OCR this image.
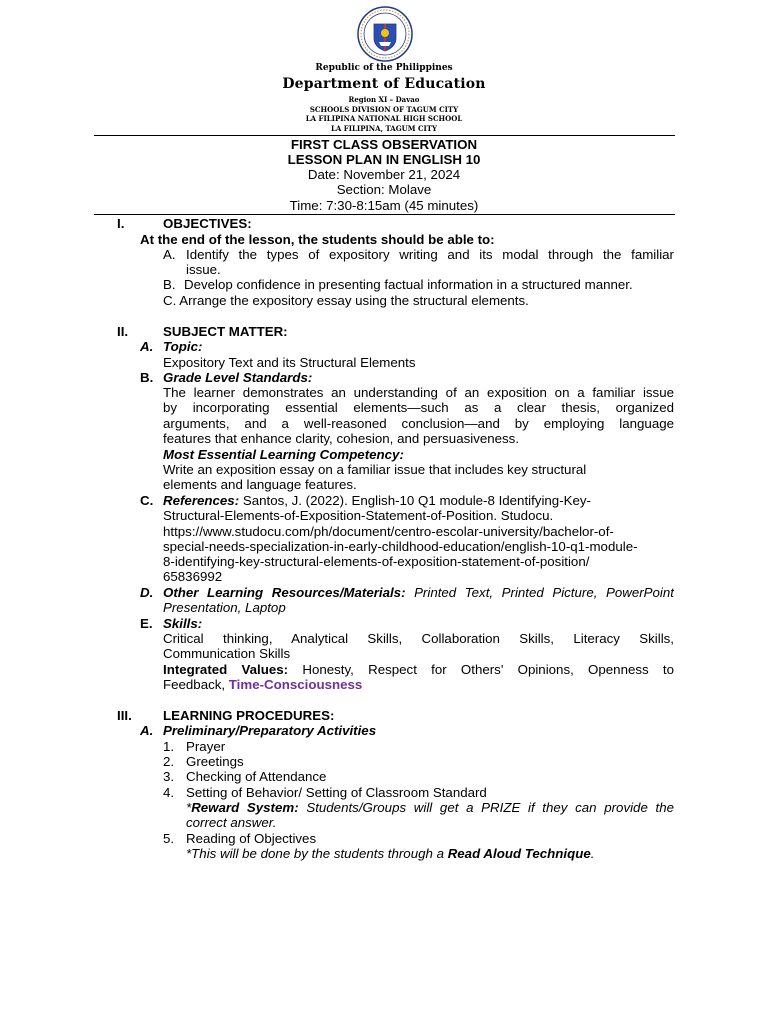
Republic of the Philippines
Department of Education
Region XI – Davao
SCHOOLS DIVISION OF TAGUM CITY
LA FILIPINA NATIONAL HIGH SCHOOL
LA FILIPINA, TAGUM CITY
FIRST CLASS OBSERVATION
LESSON PLAN IN ENGLISH 10
Date: November 21, 2024
Section: Molave
Time: 7:30-8:15am (45 minutes)
I.	OBJECTIVES:
At the end of the lesson, the students should be able to:
A. Identify the types of expository writing and its modal through the familiar
issue.
B. Develop confidence in presenting factual information in a structured manner.
C. Arrange the expository essay using the structural elements.
II.	SUBJECT MATTER:
A. Topic:
Expository Text and its Structural Elements
B. Grade Level Standards:
The learner demonstrates an understanding of an exposition on a familiar issue
by incorporating essential elements—such as a clear thesis, organized
arguments, and a well-reasoned conclusion—and by employing language
features that enhance clarity, cohesion, and persuasiveness.
Most Essential Learning Competency:
Write an exposition essay on a familiar issue that includes key structural
elements and language features.
C. References: Santos, J. (2022). English-10 Q1 module-8 Identifying-Key-
Structural-Elements-of-Exposition-Statement-of-Position. Studocu.
https://www.studocu.com/ph/document/centro-escolar-university/bachelor-of-
special-needs-specialization-in-early-childhood-education/english-10-q1-module-
8-identifying-key-structural-elements-of-exposition-statement-of-position/
65836992
D. Other Learning Resources/Materials: Printed Text, Printed Picture, PowerPoint
Presentation, Laptop
E. Skills:
Critical thinking, Analytical Skills, Collaboration Skills, Literacy Skills,
Communication Skills
Integrated Values: Honesty, Respect for Others' Opinions, Openness to
Feedback, Time-Consciousness
III. LEARNING PROCEDURES:
A. Preliminary/Preparatory Activities
1. Prayer
2. Greetings
3. Checking of Attendance
4. Setting of Behavior/ Setting of Classroom Standard
*Reward System: Students/Groups will get a PRIZE if they can provide the
correct answer.
5. Reading of Objectives
*This will be done by the students through a Read Aloud Technique.
